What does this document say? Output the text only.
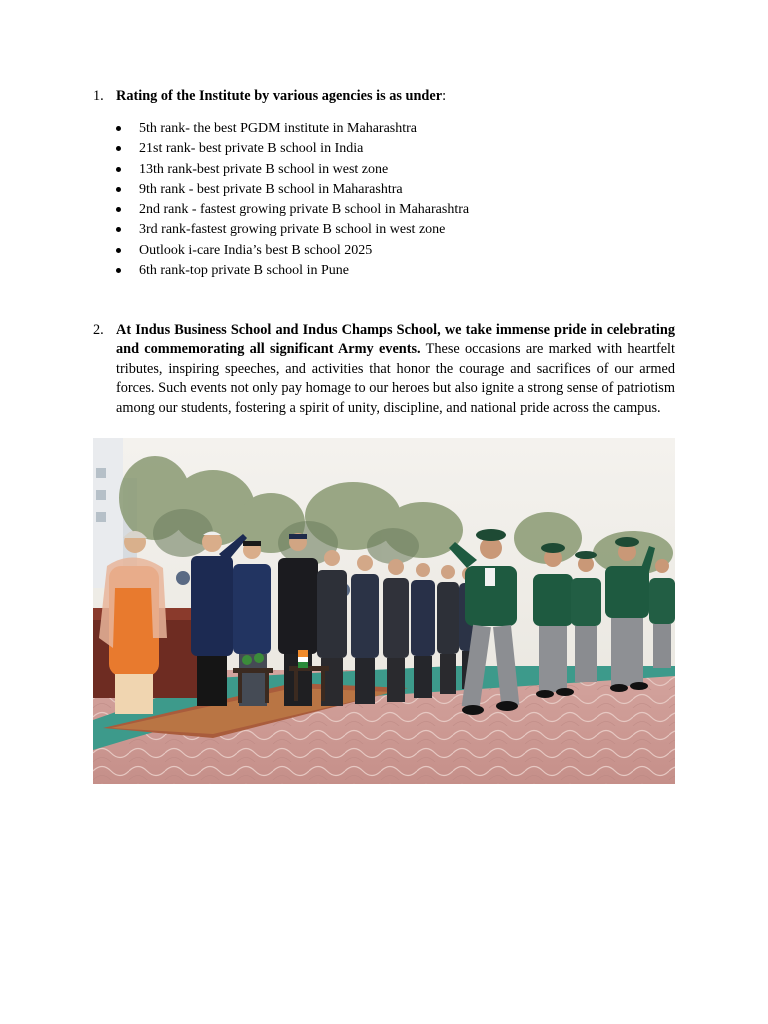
1. Rating of the Institute by various agencies is as under:
5th rank- the best PGDM institute in Maharashtra
21st rank- best private B school in India
13th rank-best private B school in west zone
9th rank - best private B school in Maharashtra
2nd rank - fastest growing private B school in Maharashtra
3rd rank-fastest growing private B school in west zone
Outlook i-care India’s best B school 2025
6th rank-top private B school in Pune
2. At Indus Business School and Indus Champs School, we take immense pride in celebrating and commemorating all significant Army events. These occasions are marked with heartfelt tributes, inspiring speeches, and activities that honor the courage and sacrifices of our armed forces. Such events not only pay homage to our heroes but also ignite a strong sense of patriotism among our students, fostering a spirit of unity, discipline, and national pride across the campus.
